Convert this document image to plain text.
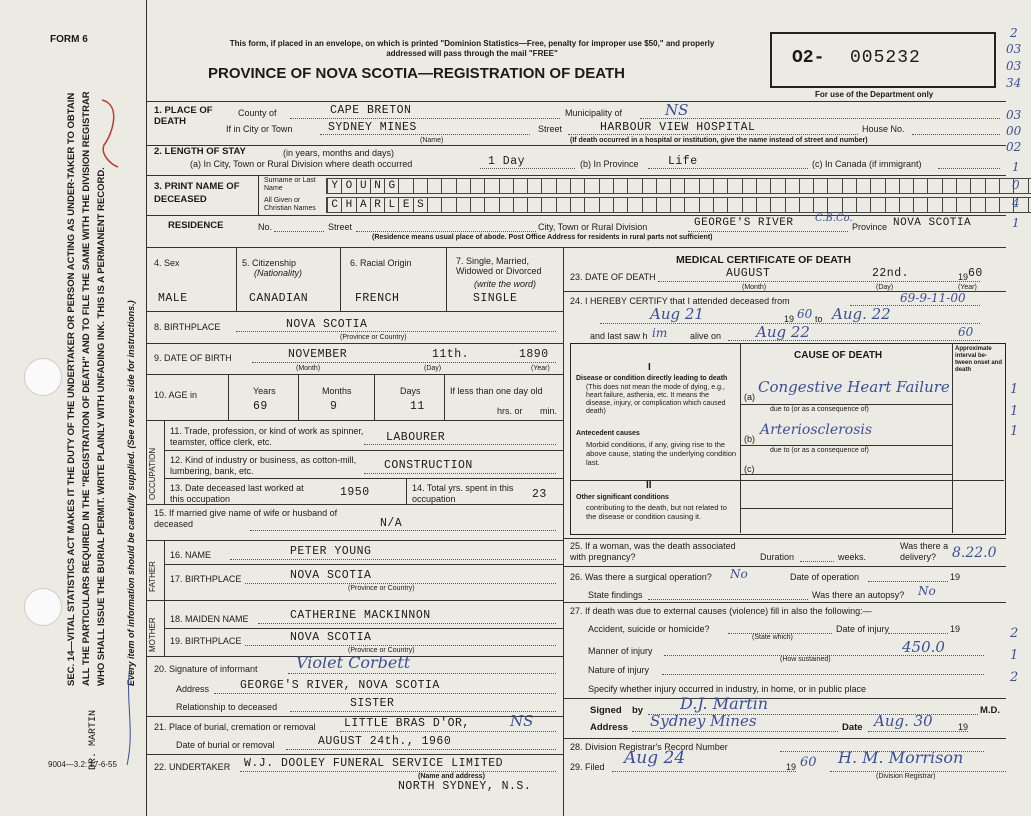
FORM 6
SEC. 14—VITAL STATISTICS ACT MAKES IT THE DUTY OF THE UNDERTAKER OR PERSON ACTING AS UNDER-TAKER TO OBTAIN ALL THE PARTICULARS REQUIRED IN THE "REGISTRATION OF DEATH" AND TO FILE THE SAME WITH THE DIVISION REGISTRAR WHO SHALL ISSUE THE BURIAL PERMIT. WRITE PLAINLY WITH UNFADING INK. THIS IS A PERMANENT RECORD. Every item of information should be carefully supplied. (See reverse side for instructions.)
DR. MARTIN
9004—3.2: 17-6-55
This form, if placed in an envelope, on which is printed "Dominion Statistics—Free, penalty for improper use $50," and properly addressed will pass through the mail "FREE"
PROVINCE OF NOVA SCOTIA—REGISTRATION OF DEATH
O2- 005232
For use of the Department only
2
03
03
34
03
00
02
1
0
4
1
1
1
1
2
1
2
1. PLACE OF DEATH
County of	CAPE BRETON	Municipality of	NS
If in City or Town	SYDNEY MINES
(Name)
Street	HARBOUR VIEW HOSPITAL	House No.
(If death occurred in a hospital or institution, give the name instead of street and number)
2. LENGTH OF STAY	(in years, months and days)
(a) In City, Town or Rural Division where death occurred	1 Day	(b) In Province	Life	(c) In Canada (if immigrant)
3. PRINT NAME OF DECEASED
Surname or Last Name
All Given or Christian Names
Y O U N G
C H A R L E S
RESIDENCE	No.	Street	City, Town or Rural Division	GEORGE'S RIVER C.B.Co.
Province NOVA SCOTIA
(Residence means usual place of abode. Post Office Address for residents in rural parts not sufficient)
4. Sex
MALE
5. Citizenship
(Nationality)
CANADIAN
6. Racial Origin
FRENCH
7. Single, Married, Widowed or Divorced
(write the word)
SINGLE
8. BIRTHPLACE	NOVA SCOTIA
(Province or Country)
9. DATE OF BIRTH	NOVEMBER	11th.	1890
(Month)	(Day)	(Year)
10. AGE in	Years	Months	Days	If less than one day old
69	9	11	hrs. or min.
OCCUPATION
11. Trade, profession, or kind of work as spinner, teamster, office clerk, etc.	LABOURER
12. Kind of industry or business, as cotton-mill, lumbering, bank, etc.	CONSTRUCTION
13. Date deceased last worked at this occupation	1950	14. Total yrs. spent in this occupation	23
15. If married give name of wife or husband of deceased	N/A
FATHER
MOTHER
16. NAME	PETER YOUNG
17. BIRTHPLACE	NOVA SCOTIA
(Province or Country)
18. MAIDEN NAME	CATHERINE MACKINNON
19. BIRTHPLACE	NOVA SCOTIA
(Province or Country)
20. Signature of informant Violet Corbett
Address	GEORGE'S RIVER, NOVA SCOTIA
Relationship to deceased	SISTER
21. Place of burial, cremation or removal LITTLE BRAS D'OR,	NS
Date of burial or removal	AUGUST 24th., 1960
22. UNDERTAKER W.J. DOOLEY FUNERAL SERVICE LIMITED
(Name and address)
NORTH SYDNEY, N.S.
MEDICAL CERTIFICATE OF DEATH
23. DATE OF DEATH	AUGUST	22nd.	19 60
(Month)	(Day)	(Year)
24. I HEREBY CERTIFY that I attended deceased from	69-9-11-00
Aug 21	19 60 to Aug. 22
and last saw h im	alive on Aug 22	60
CAUSE OF DEATH
Approximate interval be-tween onset and death
I
Disease or condition directly leading to death
(This does not mean the mode of dying, e.g., heart failure, asthenia, etc. It means the disease, injury, or complication which caused death)
(a)
Congestive Heart Failure
due to (or as a consequence of)
Antecedent causes
Morbid conditions, if any, giving rise to the above cause, stating the underlying condition last.
(b)
Arteriosclerosis
due to (or as a consequence of)
(c)
II
Other significant conditions
contributing to the death, but not related to the disease or condition causing it.
25. If a woman, was the death associated with pregnancy?	Duration	weeks.
Was there a delivery?	8.22.0
26. Was there a surgical operation? No	Date of operation	19
State findings	Was there an autopsy? No
27. If death was due to external causes (violence) fill in also the following:—
Accident, suicide or homicide?
(State which)
Date of injury	19
Manner of injury	450.0
(How sustained)
Nature of injury
Specify whether injury occurred in industry, in home, or in public place
Signed by D.J. Martin	M.D.
Address Sydney Mines	Date Aug. 30	19
28. Division Registrar's Record Number
29. Filed Aug 24	19 60 H. M. Morrison
(Division Registrar)
